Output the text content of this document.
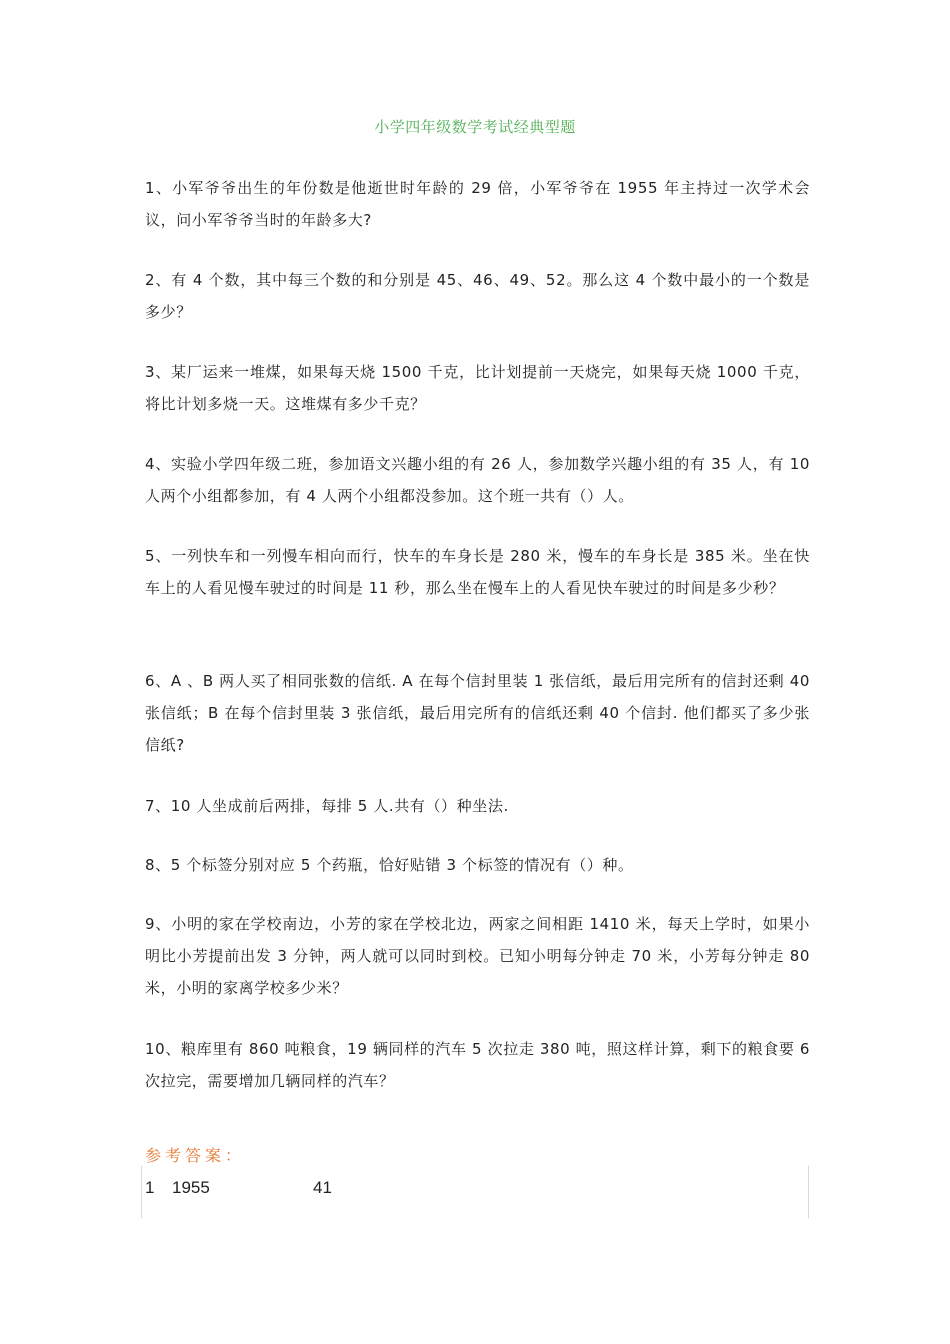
小学四年级数学考试经典型题
1、小军爷爷出生的年份数是他逝世时年龄的 29 倍，小军爷爷在 1955 年主持过一次学术会议，问小军爷爷当时的年龄多大?
2、有 4 个数，其中每三个数的和分别是 45、46、49、52。那么这 4 个数中最小的一个数是多少？
3、某厂运来一堆煤，如果每天烧 1500 千克，比计划提前一天烧完，如果每天烧 1000 千克，将比计划多烧一天。这堆煤有多少千克？
4、实验小学四年级二班，参加语文兴趣小组的有 26 人，参加数学兴趣小组的有 35 人，有 10 人两个小组都参加，有 4 人两个小组都没参加。这个班一共有（）人。
5、一列快车和一列慢车相向而行，快车的车身长是 280 米，慢车的车身长是 385 米。坐在快车上的人看见慢车驶过的时间是 11 秒，那么坐在慢车上的人看见快车驶过的时间是多少秒？
6、A 、B 两人买了相同张数的信纸. A 在每个信封里装 1 张信纸，最后用完所有的信封还剩 40 张信纸；B 在每个信封里装 3 张信纸，最后用完所有的信纸还剩 40 个信封. 他们都买了多少张信纸?
7、10 人坐成前后两排，每排 5 人.共有（）种坐法.
8、5 个标签分别对应 5 个药瓶，恰好贴错 3 个标签的情况有（）种。
9、小明的家在学校南边，小芳的家在学校北边，两家之间相距 1410 米，每天上学时，如果小明比小芳提前出发 3 分钟，两人就可以同时到校。已知小明每分钟走 70 米，小芳每分钟走 80 米，小明的家离学校多少米？
10、粮库里有 860 吨粮食，19 辆同样的汽车 5 次拉走 380 吨，照这样计算，剩下的粮食要 6 次拉完，需要增加几辆同样的汽车？
参考答案：
1 1955	41
